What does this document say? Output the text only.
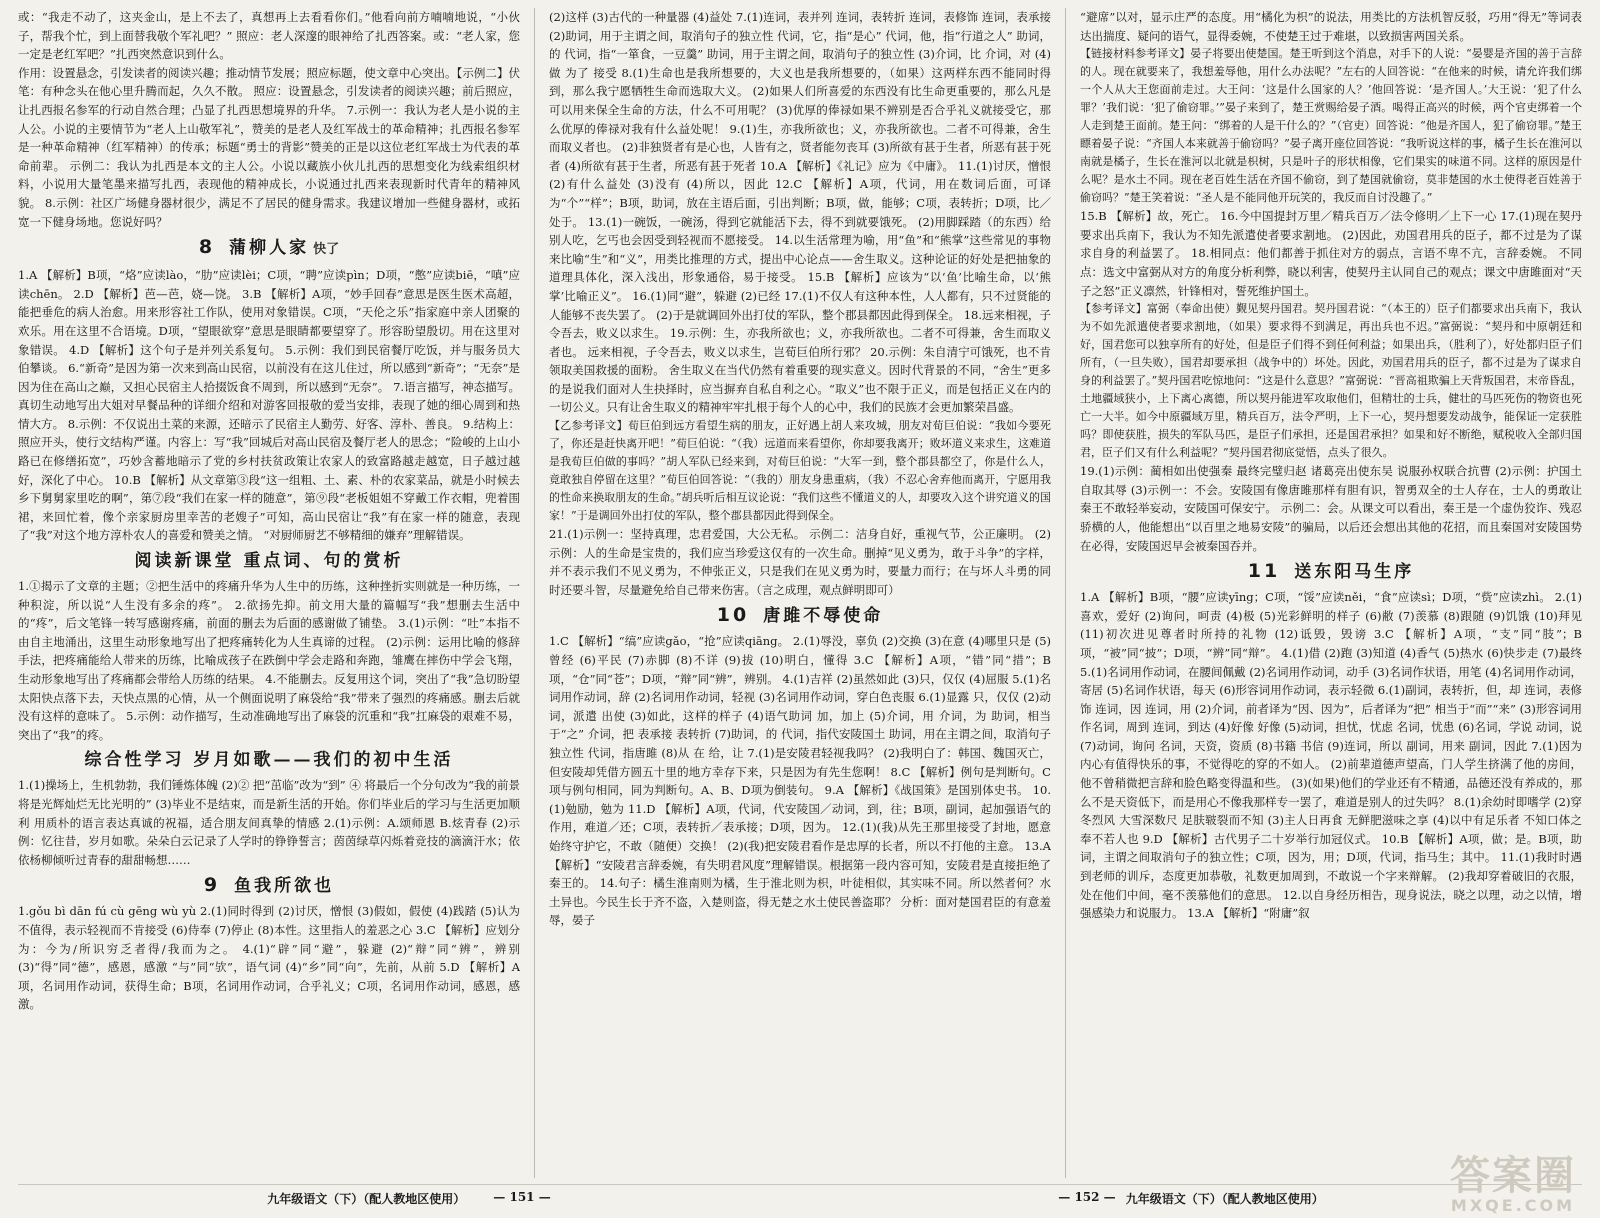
或：“我走不动了，这夹金山，是上不去了，真想再上去看看你们。”他看向前方喃喃地说，“小伙子，帮我个忙，到上面替我敬个军礼吧？” 照应：老人深邃的眼神给了扎西答案。或：“老人家，您一定是老红军吧？”扎西突然意识到什么。

作用：设置悬念，引发读者的阅读兴趣；推动情节发展；照应标题，使文章中心突出。【示例二】伏笔：有种念头在他心里升腾而起，久久不散。 照应：设置悬念，引发读者的阅读兴趣；前后照应，让扎西报名参军的行动自然合理；凸显了扎西思想境界的升华。 7.示例一：我认为老人是小说的主人公。小说的主要情节为“老人上山敬军礼”，赞美的是老人及红军战士的革命精神；扎西报名参军是一种革命精神（红军精神）的传承；标题“勇士的背影”赞美的正是以这位老红军战士为代表的革命前辈。 示例二：我认为扎西是本文的主人公。小说以藏族小伙儿扎西的思想变化为线索组织材料，小说用大量笔墨来描写扎西，表现他的精神成长，小说通过扎西来表现新时代青年的精神风貌。 8.示例：社区广场健身器材很少，满足不了居民的健身需求。我建议增加一些健身器材，或拓宽一下健身场地。您说好吗？

8 蒲柳人家 快了

1.A 【解析】B项，“烙”应读lào，“肋”应读lèi；C项，“聘”应读pìn；D项，“憋”应读biē，“嗔”应读chēn。 2.D 【解析】芭—芭，娆—饶。 3.B 【解析】A项，“妙手回春”意思是医生医术高超，能把垂危的病人治愈。用来形容社工作队，使用对象错误。C项，“天伦之乐”指家庭中亲人团聚的欢乐。用在这里不合语境。D项，“望眼欲穿”意思是眼睛都要望穿了。形容盼望殷切。用在这里对象错误。 4.D 【解析】这个句子是并列关系复句。 5.示例：我们到民宿餐厅吃饭，并与服务员大伯攀谈。 6.“新奇”是因为第一次来到高山民宿，以前没有在这儿住过，所以感到“新奇”；“无奈”是因为住在高山之巅，又担心民宿主人拾掇饭食不周到，所以感到“无奈”。 7.语言描写，神态描写。真切生动地写出大姐对早餐品种的详细介绍和对游客回报敬的爱当安排，表现了她的细心周到和热情大方。 8.示例：不仅说出土菜的来源，还暗示了民宿主人勤劳、好客、淳朴、善良。 9.结构上：照应开头，使行文结构严谨。内容上：写“我”回城后对高山民宿及餐厅老人的思念；“险峻的上山小路已在修缮拓宽”，巧妙含蓄地暗示了党的乡村扶贫政策让农家人的致富路越走越宽，日子越过越好，深化了中心。 10.B 【解析】从文章第③段“这一组粗、土、素、朴的农家菜品，就是小时候去乡下舅舅家里吃的啊”，第⑦段“我们在家一样的随意”，第⑨段“老板姐姐不穿戴工作衣帽，兜着围裙，来回忙着，像个亲家厨房里幸苦的老嫂子”可知，高山民宿让“我”有在家一样的随意，表现了“我”对这个地方淳朴农人的喜爱和赞美之情。 “对厨师厨艺不够精细的嫌弃”理解错误。

阅读新课堂 重点词、句的赏析

1.①揭示了文章的主题；②把生活中的疼痛升华为人生中的历练，这种挫折实则就是一种历练，一种积淀，所以说“人生没有多余的疼”。 2.欲扬先抑。前文用大量的篇幅写“我”想删去生活中的“疼”，后文笔锋一转写感谢疼痛，前面的删去为后面的感谢做了铺垫。 3.(1)示例：“吐”本指不由自主地涌出，这里生动形象地写出了把疼痛转化为人生真谛的过程。 (2)示例：运用比喻的修辞手法，把疼痛能给人带来的历练，比喻成孩子在跌倒中学会走路和奔跑，雏鹰在摔伤中学会飞翔，生动形象地写出了疼痛都会带给人历练的结果。 4.不能删去。反复用这个词，突出了“我”急切盼望太阳快点落下去，天快点黑的心情，从一个侧面说明了麻袋给“我”带来了强烈的疼痛感。删去后就没有这样的意味了。 5.示例：动作描写，生动准确地写出了麻袋的沉重和“我”扛麻袋的艰难不易，突出了“我”的疼。

综合性学习 岁月如歌——我们的初中生活

1.(1)操场上，生机勃勃，我们锤炼体魄 (2)② 把“茁临”改为“到” ④ 将最后一个分句改为“我的前景将是光辉灿烂无比光明的” (3)毕业不是结束，而是新生活的开始。你们毕业后的学习与生活更加顺利 用质朴的语言表达真诚的祝福，适合朋友间真挚的情感 2.(1)示例：A.颂师恩 B.炫青春 (2)示例：忆往昔，岁月如歌。朵朵白云记录了人学时的铮铮誓言；茵茵绿草闪烁着竞技的滴滴汗水；依依杨柳倾听过青春的甜甜畅想……

9 鱼我所欲也

1.gǒu bì dān fú cù gēng wù yù 2.(1)同时得到 (2)讨厌，憎恨 (3)假如，假使 (4)践踏 (5)认为不值得，表示轻视而不肯接受 (6)侍奉 (7)停止 (8)本性。这里指人的羞恶之心 3.C 【解析】应划分为：今为/所识穷乏者得/我而为之。 4.(1)“辟”同“避”，躲避 (2)“辩”同“辨”，辨别 (3)“得”同“德”，感恩，感激 “与”同“欤”，语气词 (4)“乡”同“向”，先前，从前 5.D 【解析】A项，名词用作动词，获得生命；B项，名词用作动词，合乎礼义；C项，名词用作动词，感恩，感激。

(2)这样 (3)古代的一种量器 (4)益处 7.(1)连词，表并列 连词，表转折 连词，表修饰 连词，表承接 (2)助词，用于主谓之间，取消句子的独立性 代词，它，指“是心” 代词，他，指“行道之人” 助词，的 代词，指“一箪食，一豆羹” 助词，用于主谓之间，取消句子的独立性 (3)介词，比 介词，对 (4)做 为了 接受 8.(1)生命也是我所想要的，大义也是我所想要的，（如果）这两样东西不能同时得到，那么我宁愿牺牲生命而选取大义。 (2)如果人们所喜爱的东西没有比生命更重要的，那么凡是可以用来保全生命的方法，什么不可用呢？ (3)优厚的俸禄如果不辨别是否合乎礼义就接受它，那么优厚的俸禄对我有什么益处呢！ 9.(1)生，亦我所欲也；义，亦我所欲也。二者不可得兼，舍生而取义者也。 (2)非独贤者有是心也，人皆有之，贤者能勿丧耳 (3)所欲有甚于生者，所恶有甚于死者 (4)所欲有甚于生者，所恶有甚于死者 10.A 【解析】《礼记》应为《中庸》。 11.(1)讨厌，憎恨 (2)有什么益处 (3)没有 (4)所以，因此 12.C 【解析】A项，代词，用在数词后面，可译为“个”“样”；B项，助词，放在主语后面，引出判断；B项，做，能够；C项，表转折；D项，比／处于。 13.(1)一碗饭，一碗汤，得到它就能活下去，得不到就要饿死。 (2)用脚踩踏（的东西）给别人吃，乞丐也会因受到轻视而不愿接受。 14.以生活常理为喻，用“鱼”和“熊掌”这些常见的事物来比喻“生”和“义”，用类比推理的方式，提出中心论点——舍生取义。这种论证的好处是把抽象的道理具体化，深入浅出，形象通俗，易于接受。 15.B 【解析】应该为“以‘鱼’比喻生命，以‘熊掌’比喻正义”。 16.(1)同“避”，躲避 (2)已经 17.(1)不仅人有这种本性，人人都有，只不过贤能的人能够不丧失罢了。 (2)于是就调回外出打仗的军队，整个郡县都因此得到保全。 18.远来相视，子令吾去，败义以求生。 19.示例：生，亦我所欲也；义，亦我所欲也。二者不可得兼，舍生而取义者也。 远来相视，子令吾去，败义以求生，岂荀巨伯所行邪？ 20.示例：朱自清宁可饿死，也不肯领取美国救援的面粉。 舍生取义在当代仍然有着重要的现实意义。因时代背景的不同，“舍生”更多的是说我们面对人生抉择时，应当摒弃自私自利之心。“取义”也不限于正义，而是包括正义在内的一切公义。只有让舍生取义的精神牢牢扎根于每个人的心中，我们的民族才会更加繁荣昌盛。

【乙参考译文】荀巨伯到远方看望生病的朋友，正好遇上胡人来攻城，朋友对荀巨伯说：“我如今要死了，你还是赶快离开吧！”荀巨伯说：“（我）远道而来看望你，你却要我离开；败坏道义来求生，这难道是我荀巨伯做的事吗？”胡人军队已经来到，对荀巨伯说：“大军一到，整个郡县都空了，你是什么人，竟敢独自停留在这里？”荀巨伯回答说：“（我的）朋友身患重病，（我）不忍心舍弃他而离开，宁愿用我的性命来换取朋友的生命。”胡兵听后相互议论说：“我们这些不懂道义的人，却要攻入这个讲究道义的国家！”于是调回外出打仗的军队，整个郡县都因此得到保全。

21.(1)示例一：坚持真理，忠君爱国，大公无私。 示例二：洁身自好，重视气节，公正廉明。 (2)示例：人的生命是宝贵的，我们应当珍爱这仅有的一次生命。删掉“见义勇为，敢于斗争”的字样，并不表示我们不见义勇为，不伸张正义，只是我们在见义勇为时，要量力而行；在与坏人斗勇的同时还要斗智，尽量避免给自己带来伤害。（言之成理，观点鲜明即可）

10 唐雎不辱使命

1.C 【解析】“缟”应读gǎo，“抢”应读qiāng。 2.(1)辱没，辜负 (2)交换 (3)在意 (4)哪里只是 (5)曾经 (6)平民 (7)赤脚 (8)不详 (9)拔 (10)明白，懂得 3.C 【解析】A项，“错”同“措”；B项，“仓”同“苍”；D项，“辩”同“辨”，辨别。 4.(1)吉祥 (2)虽然如此 (3)只，仅仅 (4)屈服 5.(1)名词用作动词，辞 (2)名词用作动词，轻视 (3)名词用作动词，穿白色丧服 6.(1)显露 只，仅仅 (2)动词，派遣 出使 (3)如此，这样的样子 (4)语气助词 加，加上 (5)介词，用 介词，为 助词，相当于“之” 介词，把 表承接 表转折 (7)助词，的 代词，指代安陵国土 助词，用在主谓之间，取消句子独立性 代词，指唐雎 (8)从 在 给，让 7.(1)是安陵君轻视我吗？ (2)我明白了：韩国、魏国灭亡，但安陵却凭借方圆五十里的地方幸存下来，只是因为有先生您啊！ 8.C 【解析】例句是判断句。C项与例句相同，同为判断句。A、B、D项为倒装句。 9.A 【解析】《战国策》是国别体史书。 10.(1)勉励，勉为 11.D 【解析】A项，代词，代安陵国／动词，到，往；B项，副词，起加强语气的作用，难道／还；C项，表转折／表承接；D项，因为。 12.(1)(我)从先王那里接受了封地，愿意始终守护它，不敢（随便）交换！ (2)(我)把安陵君看作是忠厚的长者，所以不打他的主意。 13.A 【解析】“安陵君言辞委婉，有失明君风度”理解错误。根据第一段内容可知，安陵君是直接拒绝了秦王的。 14.句子：橘生淮南则为橘，生于淮北则为枳，叶徒相似，其实味不同。所以然者何？水土异也。今民生长于齐不盗，入楚则盗，得无楚之水土使民善盗耶？ 分析：面对楚国君臣的有意羞辱，晏子

“避席”以对，显示庄严的态度。用“橘化为枳”的说法，用类比的方法机智反驳，巧用“得无”等词表达出揣度、疑问的语气，显得委婉，不使楚王过于难堪，以致损害两国关系。

【链接材料参考译文】晏子将要出使楚国。楚王听到这个消息，对手下的人说：“晏婴是齐国的善于言辞的人。现在就要来了，我想羞辱他，用什么办法呢？”左右的人回答说：“在他来的时候，请允许我们绑一个人从大王您面前走过。大王问：‘这是什么国家的人？’他回答说：‘是齐国人。’大王说：‘犯了什么罪？’我们说：‘犯了偷窃罪。’”晏子来到了，楚王赏赐给晏子酒。喝得正高兴的时候，两个官吏绑着一个人走到楚王面前。楚王问：“绑着的人是干什么的？”（官吏）回答说：“他是齐国人，犯了偷窃罪。”楚王瞟着晏子说：“齐国人本来就善于偷窃吗？”晏子离开座位回答说：“我听说这样的事，橘子生长在淮河以南就是橘子，生长在淮河以北就是枳树，只是叶子的形状相像，它们果实的味道不同。这样的原因是什么呢？是水土不同。现在老百姓生活在齐国不偷窃，到了楚国就偷窃，莫非楚国的水土使得老百姓善于偷窃吗？”楚王笑着说：“圣人是不能同他开玩笑的，我反而自讨没趣了。”

15.B 【解析】故，死亡。 16.今中国提封万里／精兵百万／法令修明／上下一心 17.(1)现在契丹要求出兵南下，我认为不知先派遣使者要求割地。 (2)因此，劝国君用兵的臣子，都不过是为了谋求自身的利益罢了。 18.相同点：他们都善于抓住对方的弱点，言语不卑不亢，言辞委婉。 不同点：选文中富弼从对方的角度分析利弊，晓以利害，使契丹主认同自己的观点；课文中唐雎面对“天子之怒”正义凛然，针锋相对，誓死维护国土。

【参考译文】富弼（奉命出使）觐见契丹国君。契丹国君说：“（本王的）臣子们都要求出兵南下，我认为不如先派遣使者要求割地，（如果）要求得不到满足，再出兵也不迟。”富弼说：“契丹和中原朝廷和好，国君您可以独享所有的好处，但是臣子们得不到任何利益；如果出兵，（胜利了），好处都归臣子们所有，（一旦失败），国君却要承担（战争中的）坏处。因此，劝国君用兵的臣子，都不过是为了谋求自身的利益罢了。”契丹国君吃惊地问：“这是什么意思？”富弼说：“晋高祖欺骗上天背叛国君，末帝昏乱，土地疆域狭小，上下离心离德，所以契丹能进军攻取他们，但精壮的士兵，健壮的马匹死伤的物资也死亡一大半。如今中原疆域万里，精兵百万，法令严明，上下一心，契丹想要发动战争，能保证一定获胜吗？即使获胜，损失的军队马匹，是臣子们承担，还是国君承担？如果和好不断绝，赋税收入全部归国君，臣子们又有什么利益呢？”契丹国君彻底觉悟，点头了很久。

19.(1)示例：蔺相如出使强秦 最终完璧归赵 诸葛亮出使东吴 说服孙权联合抗曹 (2)示例：护国土 自取其辱 (3)示例一：不会。安陵国有像唐雎那样有胆有识，智勇双全的士人存在，士人的勇敢让秦王不敢轻举妄动，安陵国可保安宁。 示例二：会。从课文可以看出，秦王是一个虚伪狡诈、残忍骄横的人，他能想出“以百里之地易安陵”的骗局，以后还会想出其他的花招，而且秦国对安陵国势在必得，安陵国迟早会被秦国吞并。

11 送东阳马生序

1.A 【解析】B项，“腰”应读yīng；C项，“馁”应读něi，“食”应读sì；D项，“赀”应读zhì。 2.(1)喜欢，爱好 (2)询问，呵责 (4)极 (5)光彩鲜明的样子 (6)敝 (7)羡慕 (8)跟随 (9)饥饿 (10)拜见 (11)初次进见尊者时所持的礼物 (12)诋毁，毁谤 3.C 【解析】A项，“支”同“肢”；B项，“被”同“披”；D项，“辨”同“辩”。 4.(1)借 (2)跑 (3)知道 (4)香气 (5)热水 (6)快步走 (7)最终 5.(1)名词用作动词，在腰间佩戴 (2)名词用作动词，动手 (3)名词作状语，用笔 (4)名词用作动词，寄居 (5)名词作状语，每天 (6)形容词用作动词，表示轻微 6.(1)副词，表转折，但，却 连词，表修饰 连词，因 连词，用 (2)介词，前者译为“因、因为”，后者译为“把” 相当于“而”“来” (3)形容词用作名词，周到 连词，到达 (4)好像 好像 (5)动词，担忧，忧虑 名词，忧患 (6)名词，学说 动词，说 (7)动词，询问 名词，天资，资质 (8)书籍 书信 (9)连词，所以 副词，用来 副词，因此 7.(1)因为内心有值得快乐的事，不觉得吃的穿的不如人。 (2)前辈道德声望高，门人学生挤满了他的房间，他不曾稍微把言辞和脸色略变得温和些。 (3)(如果)他们的学业还有不精通，品德还没有养成的，那么不是天资低下，而是用心不像我那样专一罢了，难道是别人的过失吗？ 8.(1)余幼时即嗜学 (2)穿冬烈风 大雪深数尺 足肤皲裂而不知 (3)主人日再食 无鲜肥滋味之享 (4)以中有足乐者 不知口体之奉不若人也 9.D 【解析】古代男子二十岁举行加冠仪式。 10.B 【解析】A项，做；是。B项，助词，主谓之间取消句子的独立性；C项，因为，用；D项，代词，指马生；其中。 11.(1)我时时遇到老师的训斥，态度更加恭敬，礼数更加周到，不敢说一个字来辩解。 (2)我却穿着破旧的衣服，处在他们中间，毫不羡慕他们的意思。 12.以自身经历相告，现身说法，晓之以理，动之以情，增强感染力和说服力。 13.A 【解析】“附庸”叙

九年级语文（下）（配人教地区使用） — 151 —	— 152 — 九年级语文（下）（配人教地区使用）	答案圈
MXQE.COM
